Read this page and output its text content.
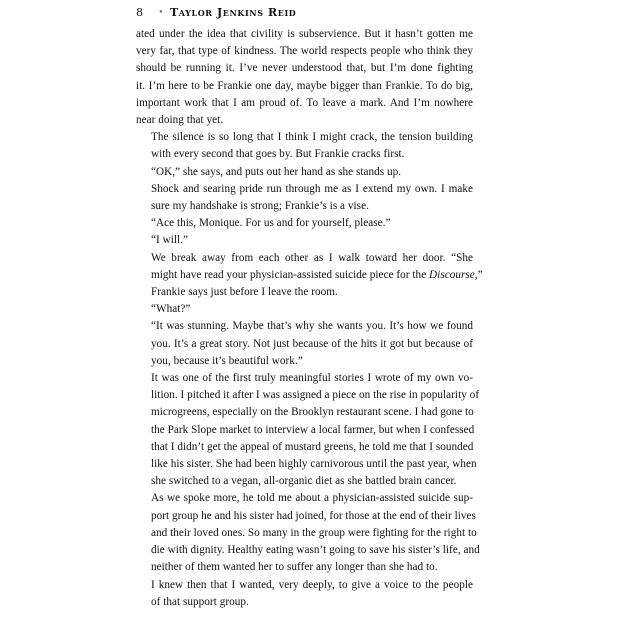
8 • Taylor Jenkins Reid

ated under the idea that civility is subservience. But it hasn’t gotten me
very far, that type of kindness. The world respects people who think they
should be running it. I’ve never understood that, but I’m done fighting
it. I’m here to be Frankie one day, maybe bigger than Frankie. To do big,
important work that I am proud of. To leave a mark. And I’m nowhere
near doing that yet.

The silence is so long that I think I might crack, the tension building
with every second that goes by. But Frankie cracks first.

“OK,” she says, and puts out her hand as she stands up.

Shock and searing pride run through me as I extend my own. I make
sure my handshake is strong; Frankie’s is a vise.

“Ace this, Monique. For us and for yourself, please.”

“I will.”

We break away from each other as I walk toward her door. “She
might have read your physician-assisted suicide piece for the Discourse,”
Frankie says just before I leave the room.

“What?”

“It was stunning. Maybe that’s why she wants you. It’s how we found
you. It’s a great story. Not just because of the hits it got but because of
you, because it’s beautiful work.”

It was one of the first truly meaningful stories I wrote of my own vo-
lition. I pitched it after I was assigned a piece on the rise in popularity of
microgreens, especially on the Brooklyn restaurant scene. I had gone to
the Park Slope market to interview a local farmer, but when I confessed
that I didn’t get the appeal of mustard greens, he told me that I sounded
like his sister. She had been highly carnivorous until the past year, when
she switched to a vegan, all-organic diet as she battled brain cancer.

As we spoke more, he told me about a physician-assisted suicide sup-
port group he and his sister had joined, for those at the end of their lives
and their loved ones. So many in the group were fighting for the right to
die with dignity. Healthy eating wasn’t going to save his sister’s life, and
neither of them wanted her to suffer any longer than she had to.

I knew then that I wanted, very deeply, to give a voice to the people
of that support group.
